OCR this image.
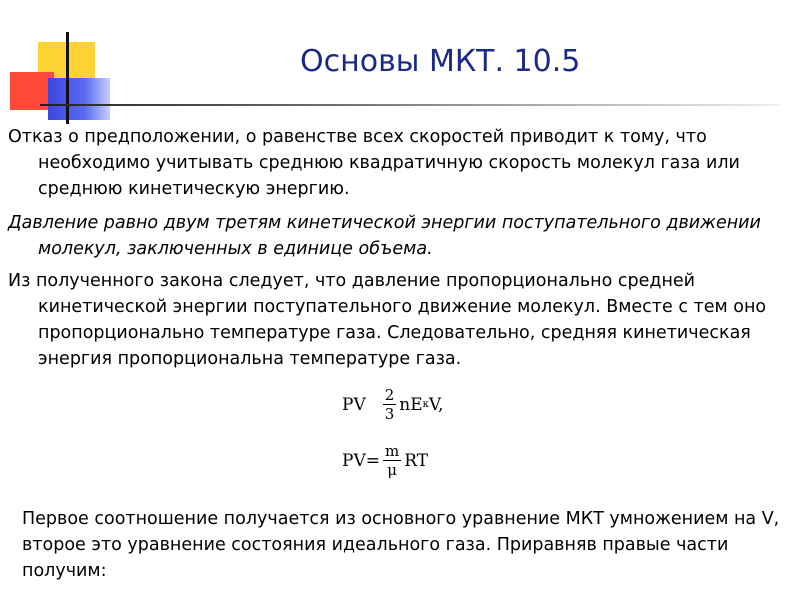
Основы МКТ. 10.5
Отказ о предположении, о равенстве всех скоростей приводит к тому, что необходимо учитывать среднюю квадратичную скорость молекул газа или среднюю кинетическую энергию.
Давление равно двум третям кинетической энергии поступательного движении молекул, заключенных в единице объема.
Из полученного закона следует, что давление пропорционально средней кинетической энергии поступательного движение молекул. Вместе с тем оно пропорционально температуре газа. Следовательно, средняя кинетическая энергия пропорциональна температуре газа.
PV $\frac{2}{3}$ nE к V,
$PV= \frac{m}{\mu}$ RT
Первое соотношение получается из основного уравнение МКТ умножением на V, второе это уравнение состояния идеального газа. Приравняв правые части получим:
